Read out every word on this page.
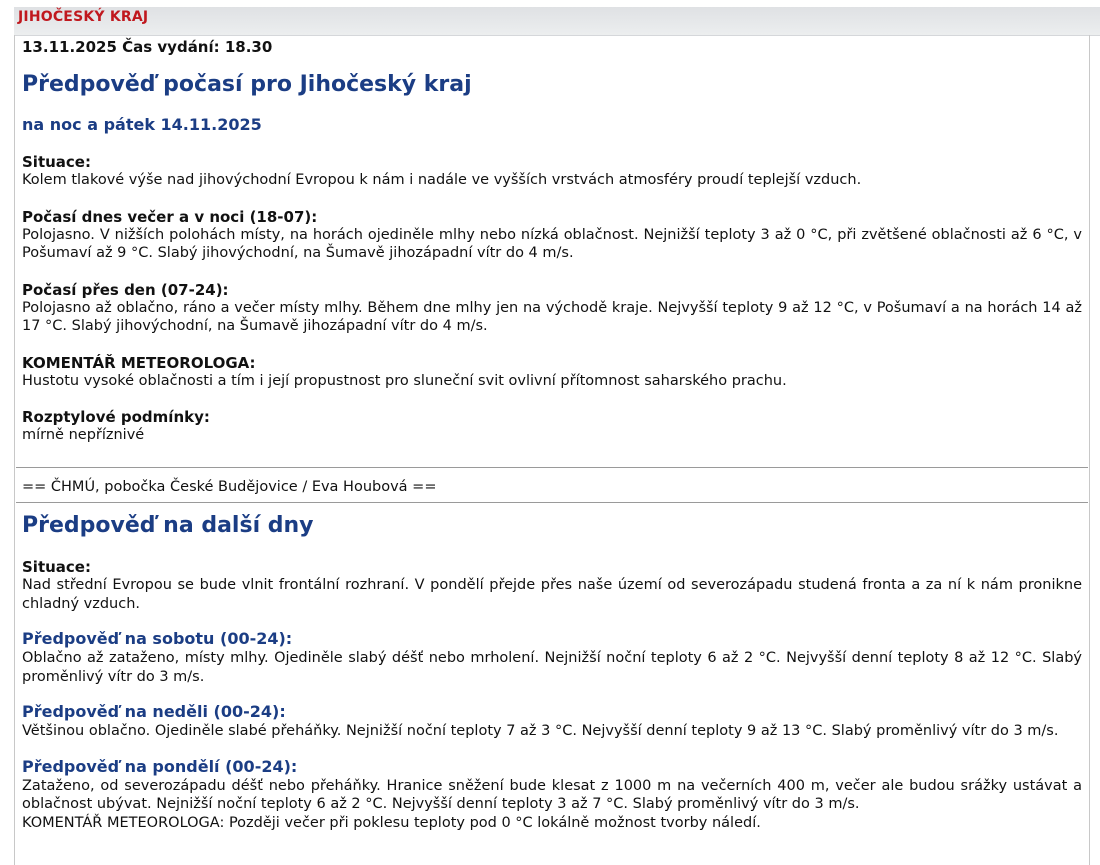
JIHOČESKÝ KRAJ

13.11.2025 Čas vydání: 18.30

Předpověď počasí pro Jihočeský kraj
na noc a pátek 14.11.2025

Situace:

Kolem tlakové výše nad jihovýchodní Evropou k nám i nadále ve vyšších vrstvách atmosféry proudí teplejší vzduch.

Počasí dnes večer a v noci (18-07):

Polojasno. V nižších polohách místy, na horách ojediněle mlhy nebo nízká oblačnost. Nejnižší teploty 3 až 0 °C, při zvětšené oblačnosti až 6 °C, v Pošumaví až 9 °C. Slabý jihovýchodní, na Šumavě jihozápadní vítr do 4 m/s.

Počasí přes den (07-24):

Polojasno až oblačno, ráno a večer místy mlhy. Během dne mlhy jen na východě kraje. Nejvyšší teploty 9 až 12 °C, v Pošumaví a na horách 14 až 17 °C. Slabý jihovýchodní, na Šumavě jihozápadní vítr do 4 m/s.

KOMENTÁŘ METEOROLOGA:

Hustotu vysoké oblačnosti a tím i její propustnost pro sluneční svit ovlivní přítomnost saharského prachu.

Rozptylové podmínky:

mírně nepříznivé

== ČHMÚ, pobočka České Budějovice / Eva Houbová ==
Předpověď na další dny

Situace:

Nad střední Evropou se bude vlnit frontální rozhraní. V pondělí přejde přes naše území od severozápadu studená fronta a za ní k nám pronikne chladný vzduch.

Předpověď na sobotu (00-24):

Oblačno až zataženo, místy mlhy. Ojediněle slabý déšť nebo mrholení. Nejnižší noční teploty 6 až 2 °C. Nejvyšší denní teploty 8 až 12 °C. Slabý proměnlivý vítr do 3 m/s.

Předpověď na neděli (00-24):

Většinou oblačno. Ojediněle slabé přeháňky. Nejnižší noční teploty 7 až 3 °C. Nejvyšší denní teploty 9 až 13 °C. Slabý proměnlivý vítr do 3 m/s.

Předpověď na pondělí (00-24):

Zataženo, od severozápadu déšť nebo přeháňky. Hranice sněžení bude klesat z 1000 m na večerních 400 m, večer ale budou srážky ustávat a oblačnost ubývat. Nejnižší noční teploty 6 až 2 °C. Nejvyšší denní teploty 3 až 7 °C. Slabý proměnlivý vítr do 3 m/s.

KOMENTÁŘ METEOROLOGA: Později večer při poklesu teploty pod 0 °C lokálně možnost tvorby náledí.
